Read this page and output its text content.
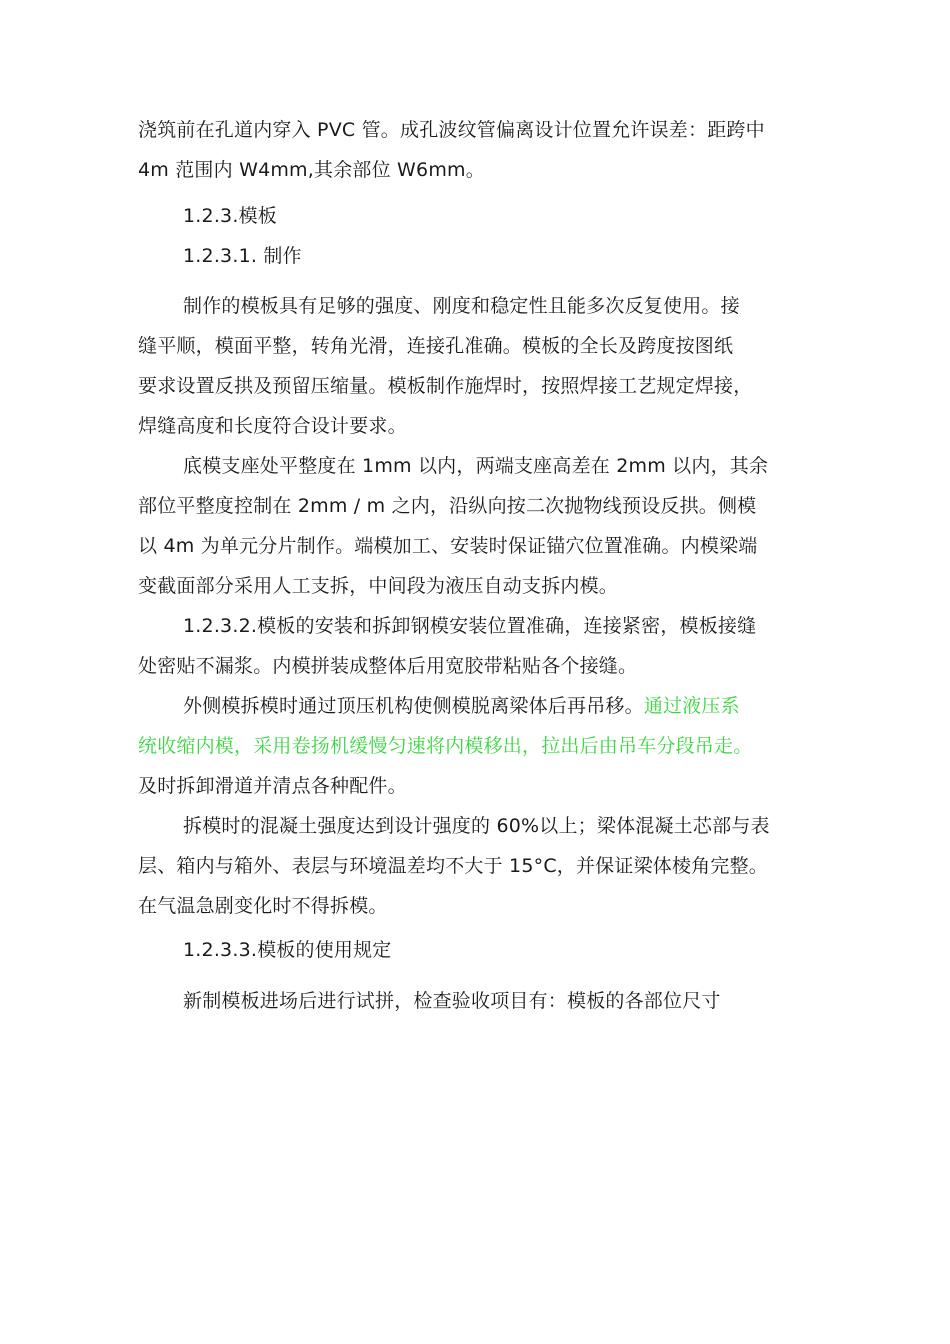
浇筑前在孔道内穿入 PVC 管。成孔波纹管偏离设计位置允许误差：距跨中
4m 范围内 W4mm,其余部位 W6mm。
1.2.3.模板
1.2.3.1. 制作
制作的模板具有足够的强度、刚度和稳定性且能多次反复使用。接
缝平顺，模面平整，转角光滑，连接孔准确。模板的全长及跨度按图纸
要求设置反拱及预留压缩量。模板制作施焊时，按照焊接工艺规定焊接，
焊缝高度和长度符合设计要求。
底模支座处平整度在 1mm 以内，两端支座高差在 2mm 以内，其余
部位平整度控制在 2mm / m 之内，沿纵向按二次抛物线预设反拱。侧模
以 4m 为单元分片制作。端模加工、安装时保证锚穴位置准确。内模梁端
变截面部分采用人工支拆，中间段为液压自动支拆内模。
1.2.3.2.模板的安装和拆卸钢模安装位置准确，连接紧密，模板接缝
处密贴不漏浆。内模拼装成整体后用宽胶带粘贴各个接缝。
外侧模拆模时通过顶压机构使侧模脱离梁体后再吊移。通过液压系
统收缩内模，采用卷扬机缓慢匀速将内模移出，拉出后由吊车分段吊走。
及时拆卸滑道并清点各种配件。
拆模时的混凝土强度达到设计强度的 60%以上；梁体混凝土芯部与表
层、箱内与箱外、表层与环境温差均不大于 15°C，并保证梁体棱角完整。
在气温急剧变化时不得拆模。
1.2.3.3.模板的使用规定
新制模板进场后进行试拼，检查验收项目有：模板的各部位尺寸
